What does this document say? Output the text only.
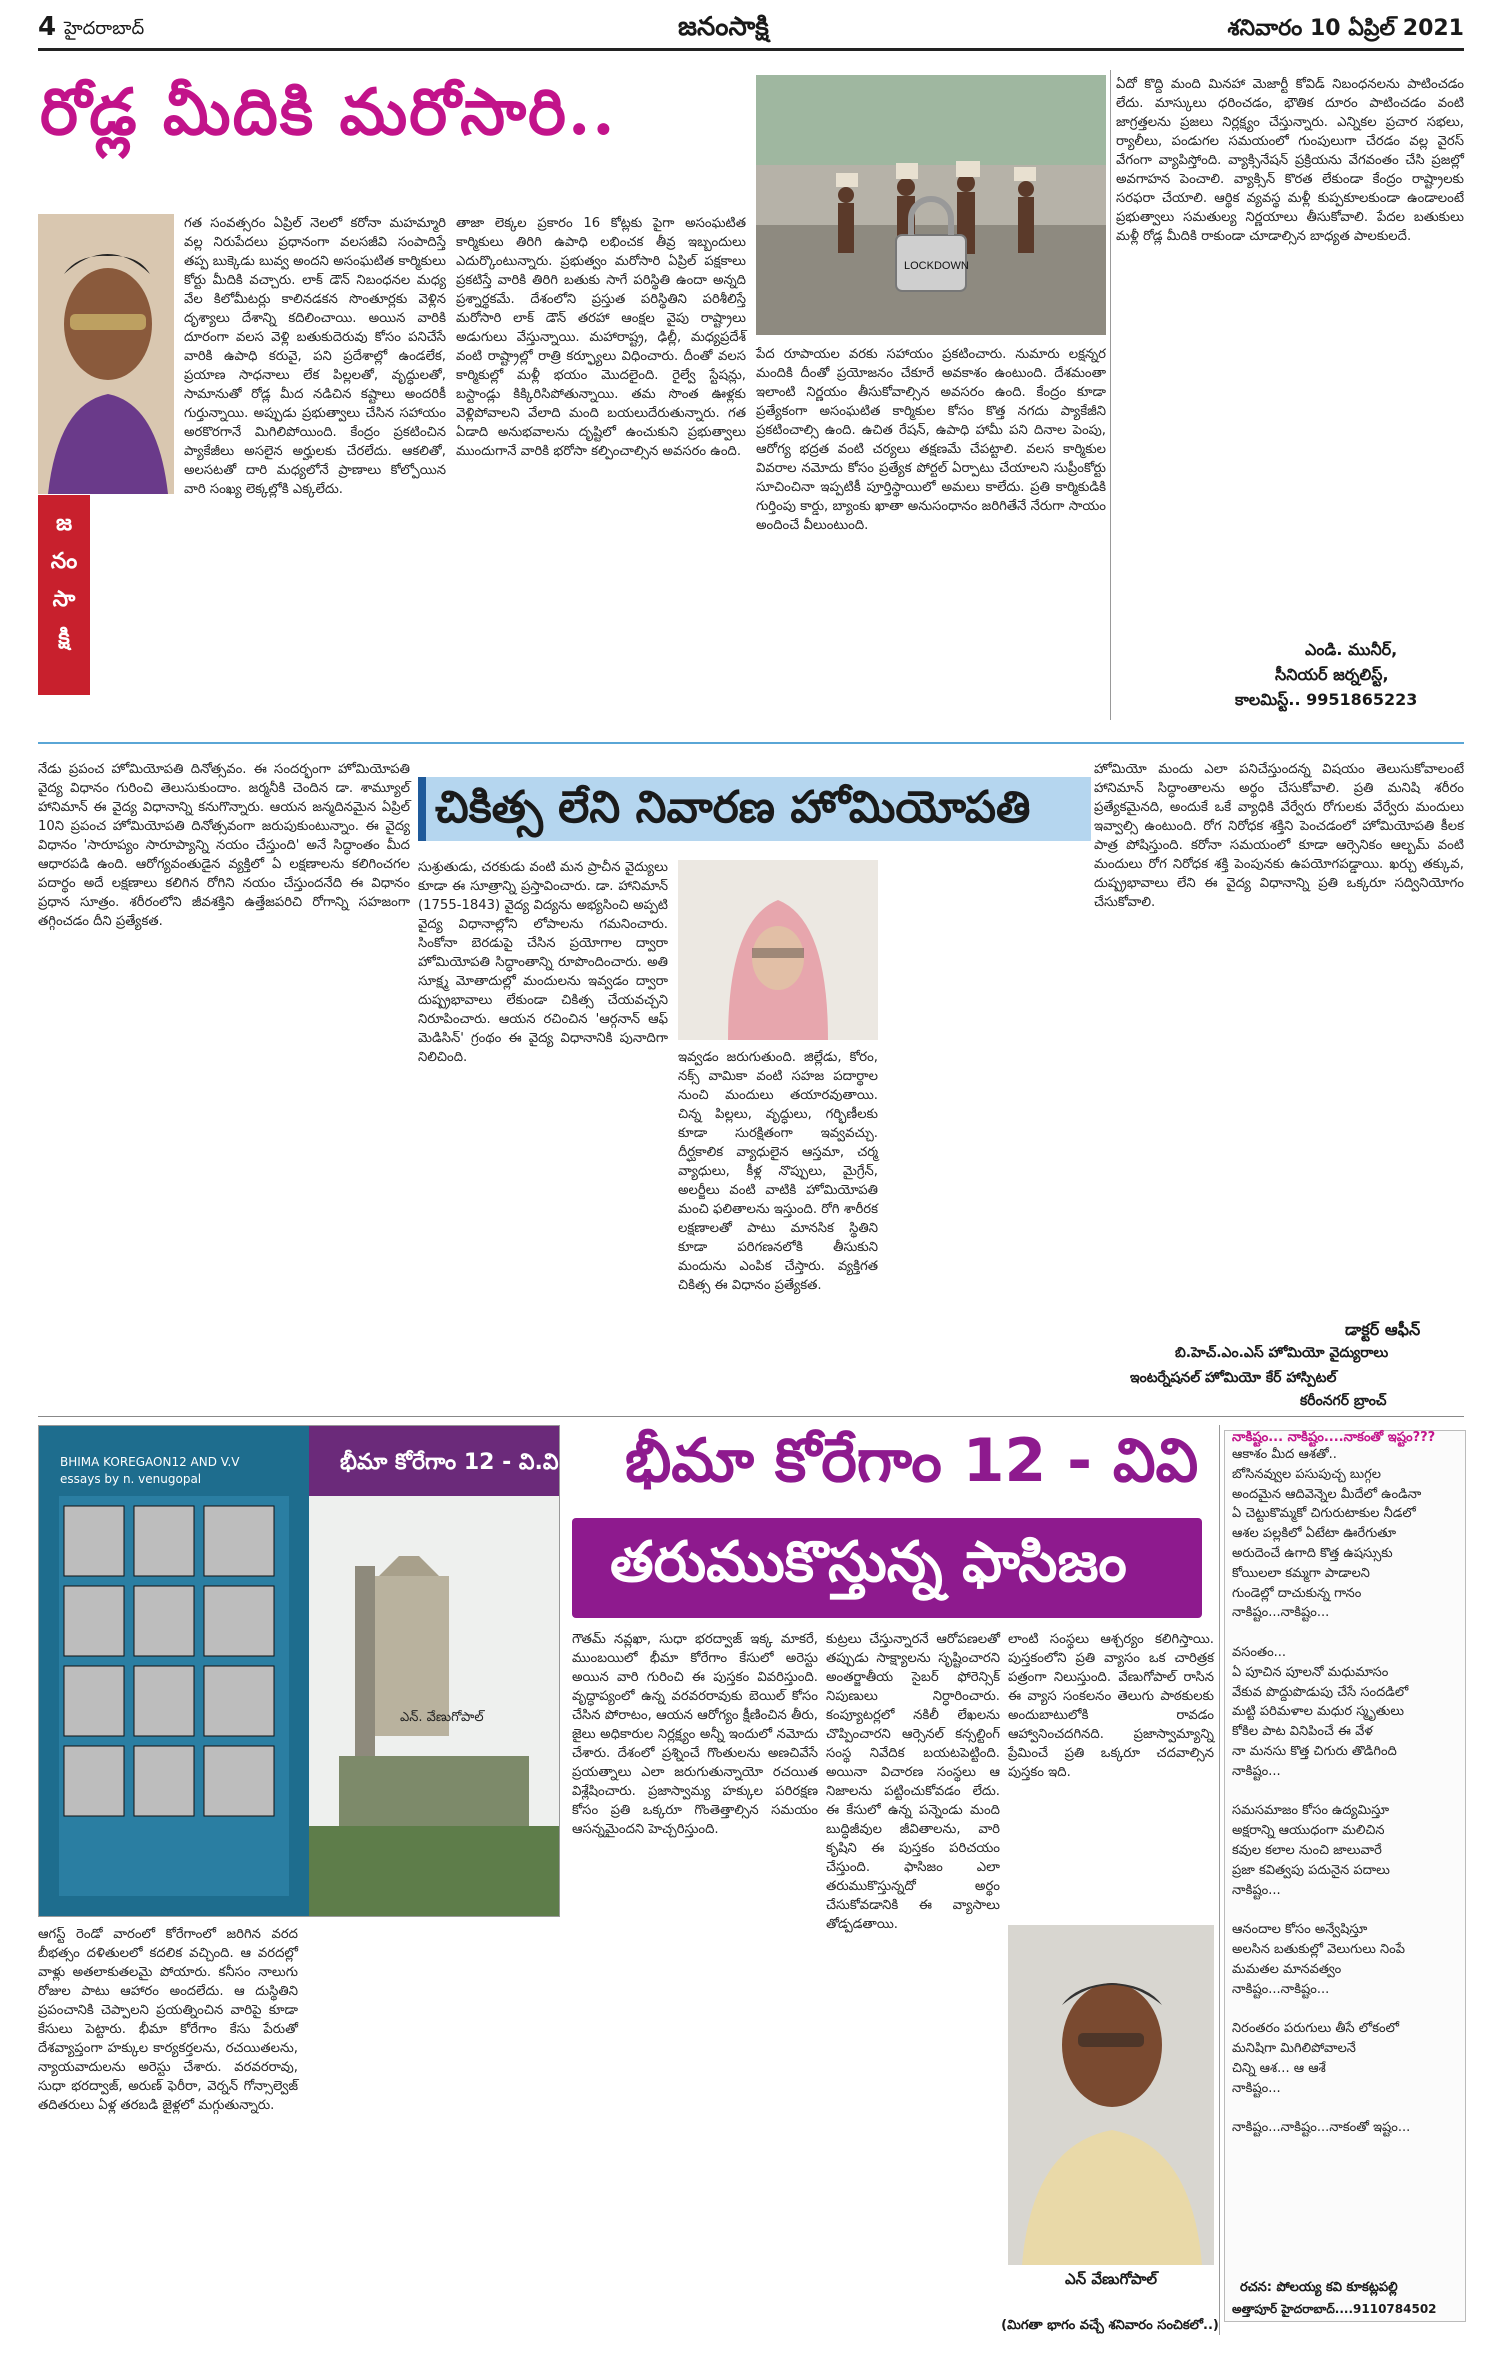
4 హైదరాబాద్	జనంసాక్షి	శనివారం 10 ఏప్రిల్ 2021
రోడ్ల మీదికి మరోసారి..
జ
నం
సా
క్షి
గత సంవత్సరం ఏప్రిల్ నెలలో కరోనా మహమ్మారి వల్ల నిరుపేదలు ప్రధానంగా వలసజీవి సంపాదిస్తే తప్ప బుక్కెడు బువ్వ అందని అసంఘటిత కార్మికులు కోర్టు మీదికి వచ్చారు. లాక్ డౌన్ నిబంధనల మధ్య వేల కిలోమీటర్లు కాలినడకన సొంతూర్లకు వెళ్లిన దృశ్యాలు దేశాన్ని కదిలించాయి. అయిన వారికి దూరంగా వలస వెళ్లి బతుకుదెరువు కోసం పనిచేసే వారికి ఉపాధి కరువై, పని ప్రదేశాల్లో ఉండలేక, ప్రయాణ సాధనాలు లేక పిల్లలతో, వృద్ధులతో, సామానుతో రోడ్ల మీద నడిచిన కష్టాలు అందరికీ గుర్తున్నాయి. అప్పుడు ప్రభుత్వాలు చేసిన సహాయం అరకొరగానే మిగిలిపోయింది. కేంద్రం ప్రకటించిన ప్యాకేజీలు అసలైన అర్హులకు చేరలేదు. ఆకలితో, అలసటతో దారి మధ్యలోనే ప్రాణాలు కోల్పోయిన వారి సంఖ్య లెక్కల్లోకి ఎక్కలేదు.
తాజా లెక్కల ప్రకారం 16 కోట్లకు పైగా అసంఘటిత కార్మికులు తిరిగి ఉపాధి లభించక తీవ్ర ఇబ్బందులు ఎదుర్కొంటున్నారు. ప్రభుత్వం మరోసారి ఏప్రిల్ పక్షకాలు ప్రకటిస్తే వారికి తిరిగి బతుకు సాగే పరిస్థితి ఉందా అన్నది ప్రశ్నార్థకమే. దేశంలోని ప్రస్తుత పరిస్థితిని పరిశీలిస్తే మరోసారి లాక్ డౌన్ తరహా ఆంక్షల వైపు రాష్ట్రాలు అడుగులు వేస్తున్నాయి. మహారాష్ట్ర, ఢిల్లీ, మధ్యప్రదేశ్ వంటి రాష్ట్రాల్లో రాత్రి కర్ఫ్యూలు విధించారు. దీంతో వలస కార్మికుల్లో మళ్లీ భయం మొదలైంది. రైల్వే స్టేషన్లు, బస్టాండ్లు కిక్కిరిసిపోతున్నాయి. తమ సొంత ఊళ్లకు వెళ్లిపోవాలని వేలాది మంది బయలుదేరుతున్నారు. గత ఏడాది అనుభవాలను దృష్టిలో ఉంచుకుని ప్రభుత్వాలు ముందుగానే వారికి భరోసా కల్పించాల్సిన అవసరం ఉంది.
LOCKDOWN
పేద రూపాయల వరకు సహాయం ప్రకటించారు. నుమారు లక్షన్నర మందికి దీంతో ప్రయోజనం చేకూరే అవకాశం ఉంటుంది. దేశమంతా ఇలాంటి నిర్ణయం తీసుకోవాల్సిన అవసరం ఉంది. కేంద్రం కూడా ప్రత్యేకంగా అసంఘటిత కార్మికుల కోసం కొత్త నగదు ప్యాకేజీని ప్రకటించాల్సి ఉంది. ఉచిత రేషన్, ఉపాధి హామీ పని దినాల పెంపు, ఆరోగ్య భద్రత వంటి చర్యలు తక్షణమే చేపట్టాలి. వలస కార్మికుల వివరాల నమోదు కోసం ప్రత్యేక పోర్టల్ ఏర్పాటు చేయాలని సుప్రీంకోర్టు సూచించినా ఇప్పటికీ పూర్తిస్థాయిలో అమలు కాలేదు. ప్రతి కార్మికుడికి గుర్తింపు కార్డు, బ్యాంకు ఖాతా అనుసంధానం జరిగితేనే నేరుగా సాయం అందించే వీలుంటుంది.
ఏదో కొద్ది మంది మినహా మెజార్టీ కోవిడ్ నిబంధనలను పాటించడం లేదు. మాస్కులు ధరించడం, భౌతిక దూరం పాటించడం వంటి జాగ్రత్తలను ప్రజలు నిర్లక్ష్యం చేస్తున్నారు. ఎన్నికల ప్రచార సభలు, ర్యాలీలు, పండుగల సమయంలో గుంపులుగా చేరడం వల్ల వైరస్ వేగంగా వ్యాపిస్తోంది. వ్యాక్సినేషన్ ప్రక్రియను వేగవంతం చేసి ప్రజల్లో అవగాహన పెంచాలి. వ్యాక్సిన్ కొరత లేకుండా కేంద్రం రాష్ట్రాలకు సరఫరా చేయాలి. ఆర్థిక వ్యవస్థ మళ్లీ కుప్పకూలకుండా ఉండాలంటే ప్రభుత్వాలు సమతుల్య నిర్ణయాలు తీసుకోవాలి. పేదల బతుకులు మళ్లీ రోడ్ల మీదికి రాకుండా చూడాల్సిన బాధ్యత పాలకులదే.
ఎండి. మునీర్,
సీనియర్ జర్నలిస్ట్,
కాలమిస్ట్.. 9951865223
నేడు ప్రపంచ హోమియోపతి దినోత్సవం. ఈ సందర్భంగా హోమియోపతి వైద్య విధానం గురించి తెలుసుకుందాం. జర్మనీకి చెందిన డా. శామ్యూల్ హానిమాన్ ఈ వైద్య విధానాన్ని కనుగొన్నారు. ఆయన జన్మదినమైన ఏప్రిల్ 10ని ప్రపంచ హోమియోపతి దినోత్సవంగా జరుపుకుంటున్నాం. ఈ వైద్య విధానం 'సారూప్యం సారూప్యాన్ని నయం చేస్తుంది' అనే సిద్ధాంతం మీద ఆధారపడి ఉంది. ఆరోగ్యవంతుడైన వ్యక్తిలో ఏ లక్షణాలను కలిగించగల పదార్థం అదే లక్షణాలు కలిగిన రోగిని నయం చేస్తుందనేది ఈ విధానం ప్రధాన సూత్రం. శరీరంలోని జీవశక్తిని ఉత్తేజపరిచి రోగాన్ని సహజంగా తగ్గించడం దీని ప్రత్యేకత.
చికిత్స లేని నివారణ హోమియోపతి
సుశ్రుతుడు, చరకుడు వంటి మన ప్రాచీన వైద్యులు కూడా ఈ సూత్రాన్ని ప్రస్తావించారు. డా. హానిమాన్ (1755-1843) వైద్య విద్యను అభ్యసించి అప్పటి వైద్య విధానాల్లోని లోపాలను గమనించారు. సింకోనా బెరడుపై చేసిన ప్రయోగాల ద్వారా హోమియోపతి సిద్ధాంతాన్ని రూపొందించారు. అతి సూక్ష్మ మోతాదుల్లో మందులను ఇవ్వడం ద్వారా దుష్ప్రభావాలు లేకుండా చికిత్స చేయవచ్చని నిరూపించారు. ఆయన రచించిన 'ఆర్గనాన్ ఆఫ్ మెడిసిన్' గ్రంథం ఈ వైద్య విధానానికి పునాదిగా నిలిచింది.	ఇవ్వడం జరుగుతుంది. జిల్లేడు, కోరం, నక్స్ వామికా వంటి సహజ పదార్థాల నుంచి మందులు తయారవుతాయి. చిన్న పిల్లలు, వృద్ధులు, గర్భిణీలకు కూడా సురక్షితంగా ఇవ్వవచ్చు. దీర్ఘకాలిక వ్యాధులైన ఆస్తమా, చర్మ వ్యాధులు, కీళ్ల నొప్పులు, మైగ్రేన్, అలర్జీలు వంటి వాటికి హోమియోపతి మంచి ఫలితాలను ఇస్తుంది. రోగి శారీరక లక్షణాలతో పాటు మానసిక స్థితిని కూడా పరిగణనలోకి తీసుకుని మందును ఎంపిక చేస్తారు. వ్యక్తిగత చికిత్స ఈ విధానం ప్రత్యేకత.
హోమియో మందు ఎలా పనిచేస్తుందన్న విషయం తెలుసుకోవాలంటే హానిమాన్ సిద్ధాంతాలను అర్థం చేసుకోవాలి. ప్రతి మనిషి శరీరం ప్రత్యేకమైనది, అందుకే ఒకే వ్యాధికి వేర్వేరు రోగులకు వేర్వేరు మందులు ఇవ్వాల్సి ఉంటుంది. రోగ నిరోధక శక్తిని పెంచడంలో హోమియోపతి కీలక పాత్ర పోషిస్తుంది. కరోనా సమయంలో కూడా ఆర్సెనికం ఆల్బమ్ వంటి మందులు రోగ నిరోధక శక్తి పెంపునకు ఉపయోగపడ్డాయి. ఖర్చు తక్కువ, దుష్ప్రభావాలు లేని ఈ వైద్య విధానాన్ని ప్రతి ఒక్కరూ సద్వినియోగం చేసుకోవాలి.
డాక్టర్ ఆఫీన్
బి.హెచ్.ఎం.ఎస్ హోమియో వైద్యురాలు
ఇంటర్నేషనల్ హోమియో కేర్ హాస్పిటల్
కరీంనగర్ బ్రాంచ్
BHIMA KOREGAON12 AND V.V
essays by n. venugopal
భీమా కోరేగాం 12 - వి.వి.
ఎన్. వేణుగోపాల్
భీమా కోరేగాం 12 - వివి
తరుముకొస్తున్న ఫాసిజం
గౌతమ్ నవ్లఖా, సుధా భరద్వాజ్ ఇక్క మాకరే, ముంబయిలో భీమా కోరేగాం కేసులో అరెస్టు అయిన వారి గురించి ఈ పుస్తకం వివరిస్తుంది. వృద్ధాప్యంలో ఉన్న వరవరరావుకు బెయిల్ కోసం చేసిన పోరాటం, ఆయన ఆరోగ్యం క్షీణించిన తీరు, జైలు అధికారుల నిర్లక్ష్యం అన్నీ ఇందులో నమోదు చేశారు. దేశంలో ప్రశ్నించే గొంతులను అణచివేసే ప్రయత్నాలు ఎలా జరుగుతున్నాయో రచయిత విశ్లేషించారు. ప్రజాస్వామ్య హక్కుల పరిరక్షణ కోసం ప్రతి ఒక్కరూ గొంతెత్తాల్సిన సమయం ఆసన్నమైందని హెచ్చరిస్తుంది.
కుట్రలు చేస్తున్నారనే ఆరోపణలతో తప్పుడు సాక్ష్యాలను సృష్టించారని అంతర్జాతీయ సైబర్ ఫోరెన్సిక్ నిపుణులు నిర్ధారించారు. కంప్యూటర్లలో నకిలీ లేఖలను చొప్పించారని ఆర్సెనల్ కన్సల్టింగ్ సంస్థ నివేదిక బయటపెట్టింది. అయినా విచారణ సంస్థలు ఆ నిజాలను పట్టించుకోవడం లేదు. ఈ కేసులో ఉన్న పన్నెండు మంది బుద్ధిజీవుల జీవితాలను, వారి కృషిని ఈ పుస్తకం పరిచయం చేస్తుంది. ఫాసిజం ఎలా తరుముకొస్తున్నదో అర్థం చేసుకోవడానికి ఈ వ్యాసాలు తోడ్పడతాయి.
లాంటి సంస్థలు ఆశ్చర్యం కలిగిస్తాయి. పుస్తకంలోని ప్రతి వ్యాసం ఒక చారిత్రక పత్రంగా నిలుస్తుంది. వేణుగోపాల్ రాసిన ఈ వ్యాస సంకలనం తెలుగు పాఠకులకు అందుబాటులోకి రావడం ఆహ్వానించదగినది. ప్రజాస్వామ్యాన్ని ప్రేమించే ప్రతి ఒక్కరూ చదవాల్సిన పుస్తకం ఇది.
ఆగస్ట్ రెండో వారంలో కోరేగాంలో జరిగిన వరద బీభత్సం దళితులలో కదలిక వచ్చింది. ఆ వరదల్లో వాళ్లు అతలాకుతలమై పోయారు. కనీసం నాలుగు రోజుల పాటు ఆహారం అందలేదు. ఆ దుస్థితిని ప్రపంచానికి చెప్పాలని ప్రయత్నించిన వారిపై కూడా కేసులు పెట్టారు. భీమా కోరేగాం కేసు పేరుతో దేశవ్యాప్తంగా హక్కుల కార్యకర్తలను, రచయితలను, న్యాయవాదులను అరెస్టు చేశారు. వరవరరావు, సుధా భరద్వాజ్, అరుణ్ ఫెరీరా, వెర్నన్ గోన్సాల్వెజ్ తదితరులు ఏళ్ల తరబడి జైళ్లలో మగ్గుతున్నారు.
ఎన్ వేణుగోపాల్
(మిగతా భాగం వచ్చే శనివారం సంచికలో..)
నాకిష్టం... నాకిష్టం....నాకంతో ఇష్టం???
ఆకాశం మీద ఆశతో..
బోసినవ్వుల పసుపుచ్చ బుగ్గల
అందమైన ఆదివెన్నెల మీదేలో ఉండినా
ఏ చెట్టుకొమ్మకో చిగురుటాకుల నీడలో
ఆశల పల్లకిలో ఏటేటా ఊరేగుతూ
అరుదెంచే ఉగాది కొత్త ఉషస్సుకు
కోయిలలా కమ్మగా పాడాలని
గుండెల్లో దాచుకున్న గానం
నాకిష్టం...నాకిష్టం...

వసంతం...
ఏ పూచిన పూలనో మధుమాసం
వేకువ పొద్దుపొడుపు చేసే సందడిలో
మట్టి పరిమళాల మధుర స్మృతులు
కోకిల పాట వినిపించే ఈ వేళ
నా మనసు కొత్త చిగురు తొడిగింది
నాకిష్టం...

సమసమాజం కోసం ఉద్యమిస్తూ
అక్షరాన్ని ఆయుధంగా మలిచిన
కవుల కలాల నుంచి జాలువారే
ప్రజా కవిత్వపు పదునైన పదాలు
నాకిష్టం...

ఆనందాల కోసం అన్వేషిస్తూ
అలసిన బతుకుల్లో వెలుగులు నింపే
మమతల మానవత్వం
నాకిష్టం...నాకిష్టం...

నిరంతరం పరుగులు తీసే లోకంలో
మనిషిగా మిగిలిపోవాలనే
చిన్ని ఆశ... ఆ ఆశే
నాకిష్టం...

నాకిష్టం...నాకిష్టం...నాకంతో ఇష్టం...
రచన: పోలయ్య కవి కూకట్లపల్లి
అత్తాపూర్ హైదరాబాద్....9110784502
